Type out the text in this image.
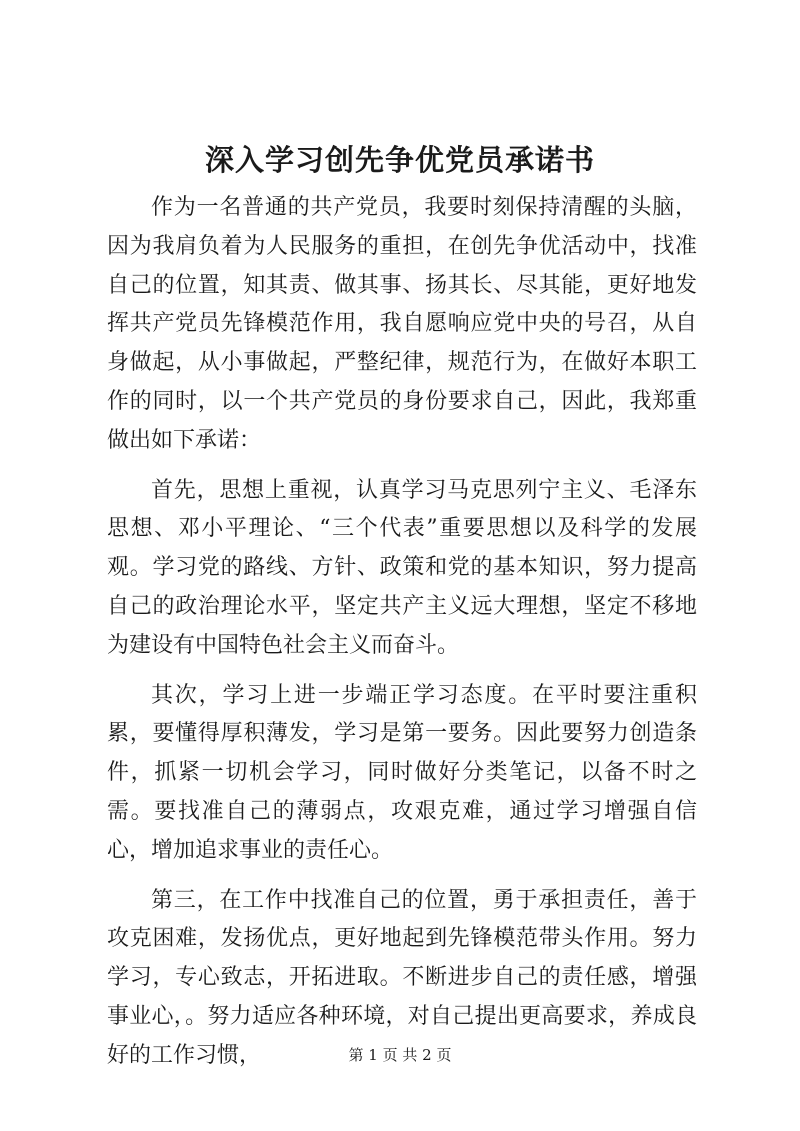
深入学习创先争优党员承诺书

作为一名普通的共产党员，我要时刻保持清醒的头脑，因为我肩负着为人民服务的重担，在创先争优活动中，找准自己的位置，知其责、做其事、扬其长、尽其能，更好地发挥共产党员先锋模范作用，我自愿响应党中央的号召，从自身做起，从小事做起，严整纪律，规范行为，在做好本职工作的同时，以一个共产党员的身份要求自己，因此，我郑重做出如下承诺：

首先，思想上重视，认真学习马克思列宁主义、毛泽东思想、邓小平理论、“三个代表”重要思想以及科学的发展观。学习党的路线、方针、政策和党的基本知识，努力提高自己的政治理论水平，坚定共产主义远大理想，坚定不移地为建设有中国特色社会主义而奋斗。

其次，学习上进一步端正学习态度。在平时要注重积累，要懂得厚积薄发，学习是第一要务。因此要努力创造条件，抓紧一切机会学习，同时做好分类笔记，以备不时之需。要找准自己的薄弱点，攻艰克难，通过学习增强自信心，增加追求事业的责任心。

第三，在工作中找准自己的位置，勇于承担责任，善于攻克困难，发扬优点，更好地起到先锋模范带头作用。努力学习，专心致志，开拓进取。不断进步自己的责任感，增强事业心，。努力适应各种环境，对自己提出更高要求，养成良好的工作习惯，	第 1 页 共 2 页
